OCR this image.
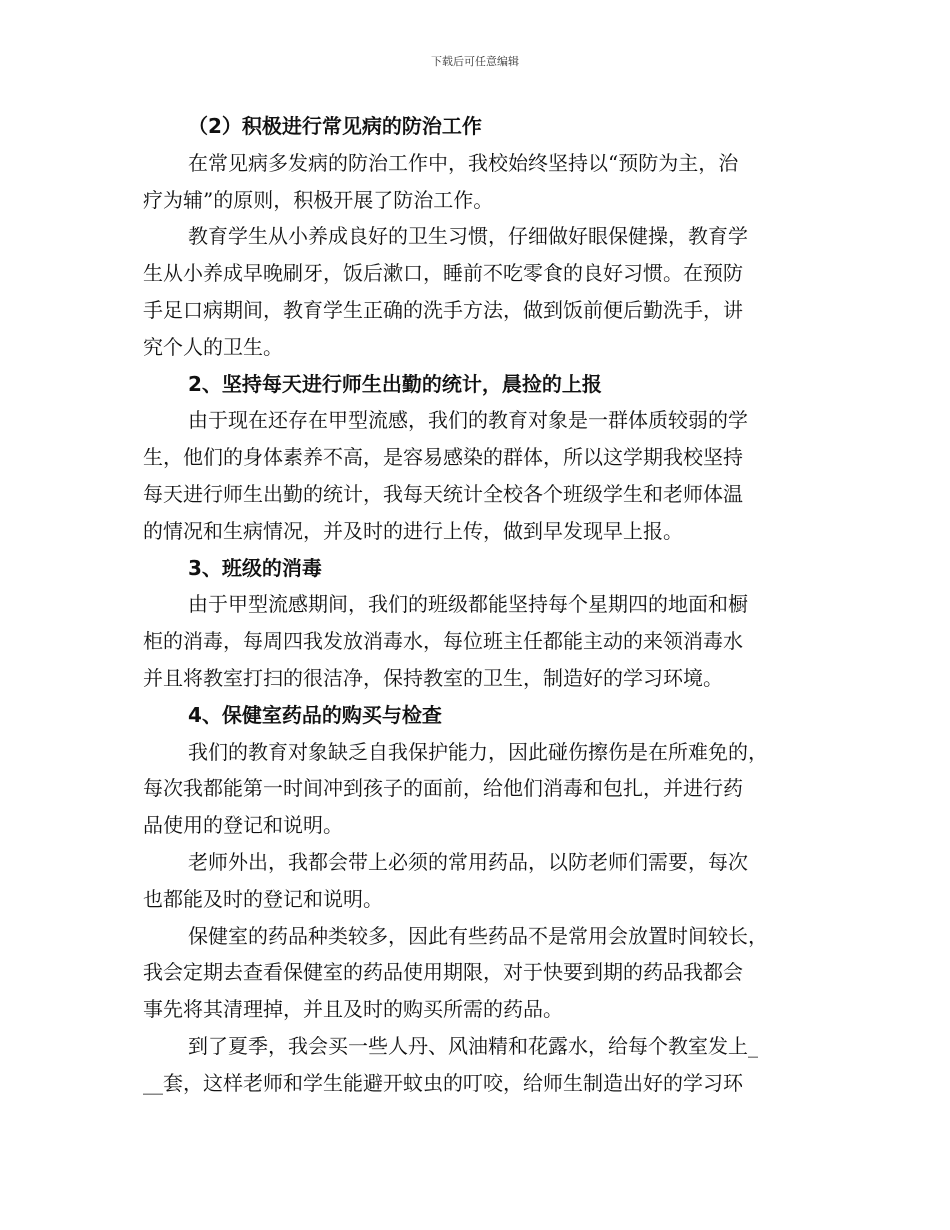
下载后可任意编辑
（2）积极进行常见病的防治工作
在常见病多发病的防治工作中，我校始终坚持以“预防为主，治
疗为辅”的原则，积极开展了防治工作。
教育学生从小养成良好的卫生习惯，仔细做好眼保健操，教育学
生从小养成早晚刷牙，饭后漱口，睡前不吃零食的良好习惯。在预防
手足口病期间，教育学生正确的洗手方法，做到饭前便后勤洗手，讲
究个人的卫生。
2、坚持每天进行师生出勤的统计，晨捡的上报
由于现在还存在甲型流感，我们的教育对象是一群体质较弱的学
生，他们的身体素养不高，是容易感染的群体，所以这学期我校坚持
每天进行师生出勤的统计，我每天统计全校各个班级学生和老师体温
的情况和生病情况，并及时的进行上传，做到早发现早上报。
3、班级的消毒
由于甲型流感期间，我们的班级都能坚持每个星期四的地面和橱
柜的消毒，每周四我发放消毒水，每位班主任都能主动的来领消毒水
并且将教室打扫的很洁净，保持教室的卫生，制造好的学习环境。
4、保健室药品的购买与检查
我们的教育对象缺乏自我保护能力，因此碰伤擦伤是在所难免的，
每次我都能第一时间冲到孩子的面前，给他们消毒和包扎，并进行药
品使用的登记和说明。
老师外出，我都会带上必须的常用药品，以防老师们需要，每次
也都能及时的登记和说明。
保健室的药品种类较多，因此有些药品不是常用会放置时间较长，
我会定期去查看保健室的药品使用期限，对于快要到期的药品我都会
事先将其清理掉，并且及时的购买所需的药品。
到了夏季，我会买一些人丹、风油精和花露水，给每个教室发上_
__套，这样老师和学生能避开蚊虫的叮咬，给师生制造出好的学习环
